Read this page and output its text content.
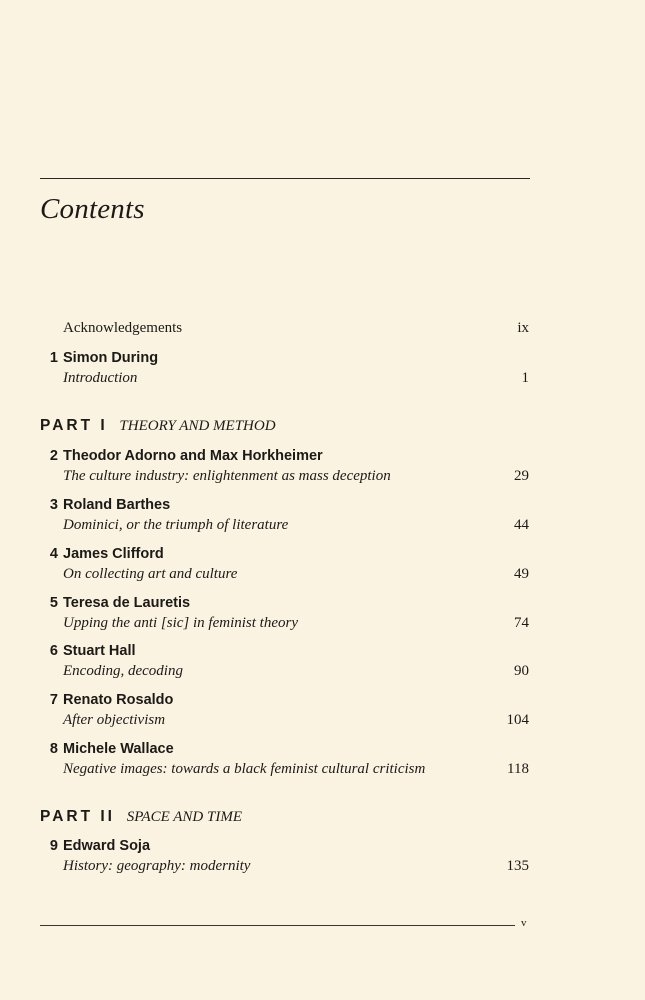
Contents
Acknowledgements	ix
1 Simon During
Introduction	1
PART I THEORY AND METHOD
2 Theodor Adorno and Max Horkheimer
The culture industry: enlightenment as mass deception	29
3 Roland Barthes
Dominici, or the triumph of literature	44
4 James Clifford
On collecting art and culture	49
5 Teresa de Lauretis
Upping the anti [sic] in feminist theory	74
6 Stuart Hall
Encoding, decoding	90
7 Renato Rosaldo
After objectivism	104
8 Michele Wallace
Negative images: towards a black feminist cultural criticism	118
PART II SPACE AND TIME
9 Edward Soja
History: geography: modernity	135
v
